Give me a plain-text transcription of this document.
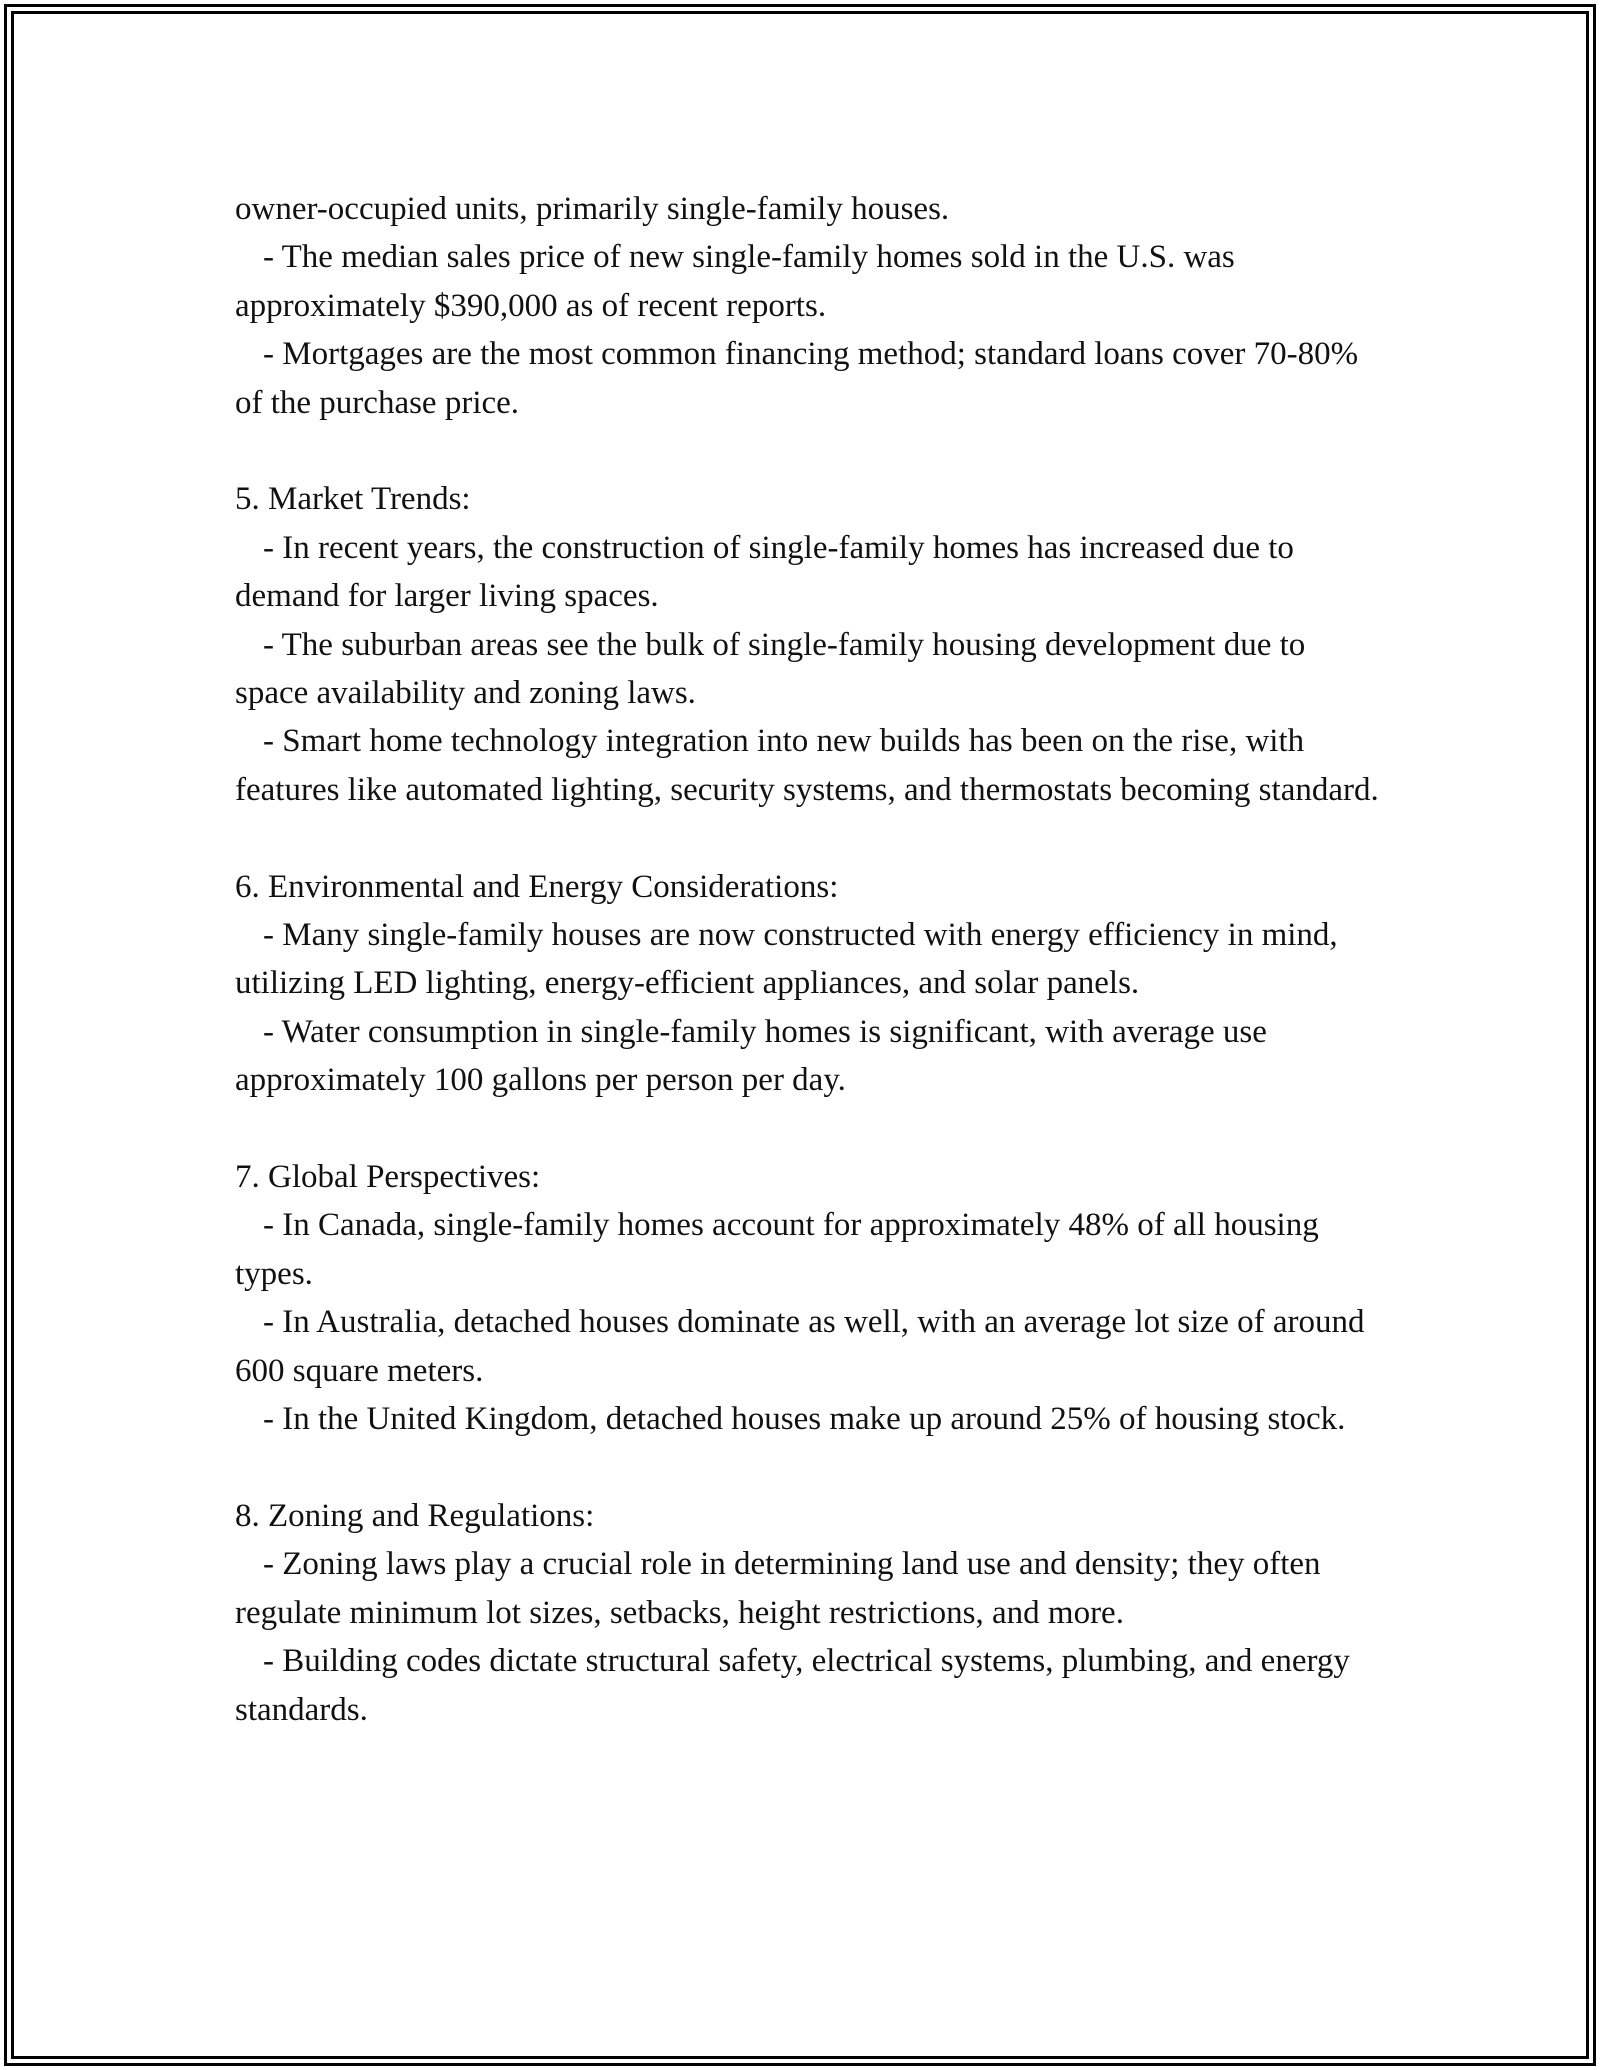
owner-occupied units, primarily single-family houses.

- The median sales price of new single-family homes sold in the U.S. was approximately $390,000 as of recent reports.

- Mortgages are the most common financing method; standard loans cover 70-80% of the purchase price.

5. Market Trends:

- In recent years, the construction of single-family homes has increased due to demand for larger living spaces.

- The suburban areas see the bulk of single-family housing development due to space availability and zoning laws.

- Smart home technology integration into new builds has been on the rise, with features like automated lighting, security systems, and thermostats becoming standard.

6. Environmental and Energy Considerations:

- Many single-family houses are now constructed with energy efficiency in mind, utilizing LED lighting, energy-efficient appliances, and solar panels.

- Water consumption in single-family homes is significant, with average use approximately 100 gallons per person per day.

7. Global Perspectives:

- In Canada, single-family homes account for approximately 48% of all housing types.

- In Australia, detached houses dominate as well, with an average lot size of around 600 square meters.

- In the United Kingdom, detached houses make up around 25% of housing stock.

8. Zoning and Regulations:

- Zoning laws play a crucial role in determining land use and density; they often regulate minimum lot sizes, setbacks, height restrictions, and more.

- Building codes dictate structural safety, electrical systems, plumbing, and energy standards.
